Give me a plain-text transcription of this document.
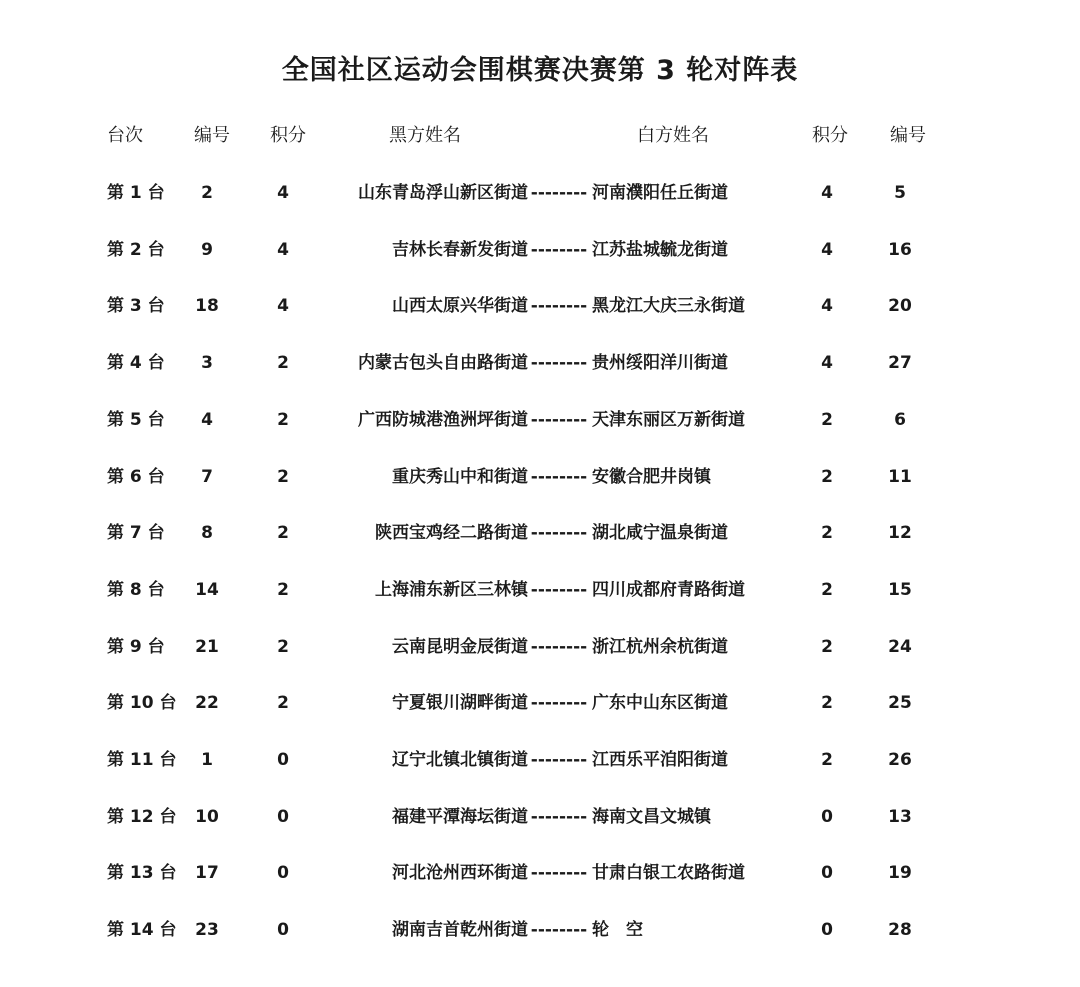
全国社区运动会围棋赛决赛第 3 轮对阵表
台次	编号 积分	黑方姓名	白方姓名	积分 编号
第 1 台	2	4	山东青岛浮山新区街道 -------- 河南濮阳任丘街道	4	5
第 2 台	9	4	吉林长春新发街道 -------- 江苏盐城毓龙街道	4	16
第 3 台	18	4	山西太原兴华街道 -------- 黑龙江大庆三永街道	4	20
第 4 台	3	2	内蒙古包头自由路街道 -------- 贵州绥阳洋川街道	4	27
第 5 台	4	2	广西防城港渔洲坪街道 -------- 天津东丽区万新街道	2	6
第 6 台	7	2	重庆秀山中和街道 -------- 安徽合肥井岗镇	2	11
第 7 台	8	2	陕西宝鸡经二路街道 -------- 湖北咸宁温泉街道	2	12
第 8 台	14	2	上海浦东新区三林镇 -------- 四川成都府青路街道	2	15
第 9 台	21	2	云南昆明金辰街道 -------- 浙江杭州余杭街道	2	24
第 10 台	22	2	宁夏银川湖畔街道 -------- 广东中山东区街道	2	25
第 11 台	1	0	辽宁北镇北镇街道 -------- 江西乐平洎阳街道	2	26
第 12 台	10	0	福建平潭海坛街道 -------- 海南文昌文城镇	0	13
第 13 台	17	0	河北沧州西环街道 -------- 甘肃白银工农路街道	0	19
第 14 台	23	0	湖南吉首乾州街道 -------- 轮　空	0	28
